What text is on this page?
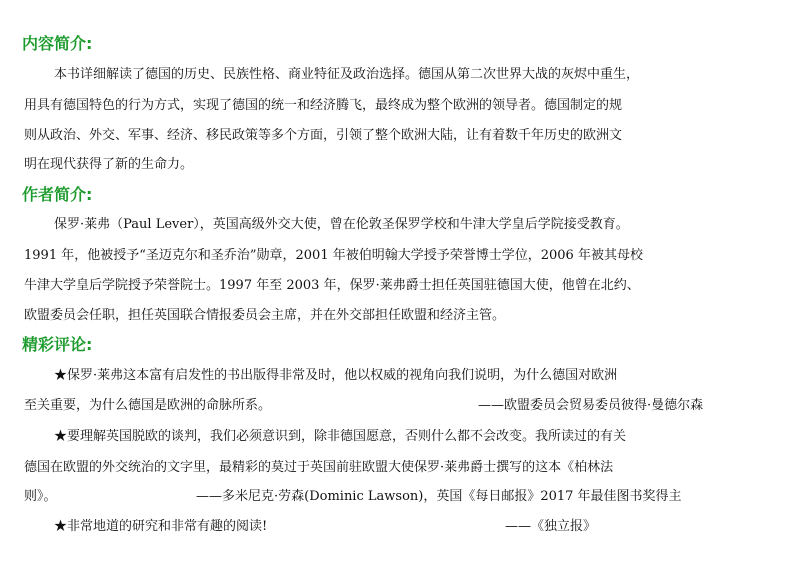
内容简介:

本书详细解读了德国的历史、民族性格、商业特征及政治选择。德国从第二次世界大战的灰烬中重生，

用具有德国特色的行为方式，实现了德国的统一和经济腾飞，最终成为整个欧洲的领导者。德国制定的规

则从政治、外交、军事、经济、移民政策等多个方面，引领了整个欧洲大陆，让有着数千年历史的欧洲文

明在现代获得了新的生命力。

作者简介:

保罗·莱弗（Paul Lever），英国高级外交大使，曾在伦敦圣保罗学校和牛津大学皇后学院接受教育。

1991 年，他被授予“圣迈克尔和圣乔治”勋章，2001 年被伯明翰大学授予荣誉博士学位，2006 年被其母校

牛津大学皇后学院授予荣誉院士。1997 年至 2003 年，保罗·莱弗爵士担任英国驻德国大使，他曾在北约、

欧盟委员会任职，担任英国联合情报委员会主席，并在外交部担任欧盟和经济主管。

精彩评论:

★保罗·莱弗这本富有启发性的书出版得非常及时，他以权威的视角向我们说明，为什么德国对欧洲

至关重要，为什么德国是欧洲的命脉所系。	——欧盟委员会贸易委员彼得·曼德尔森

★要理解英国脱欧的谈判，我们必须意识到，除非德国愿意，否则什么都不会改变。我所读过的有关

德国在欧盟的外交统治的文字里，最精彩的莫过于英国前驻欧盟大使保罗·莱弗爵士撰写的这本《柏林法

则》。	——多米尼克·劳森(Dominic Lawson)，英国《每日邮报》2017 年最佳图书奖得主

★非常地道的研究和非常有趣的阅读!	——《独立报》
